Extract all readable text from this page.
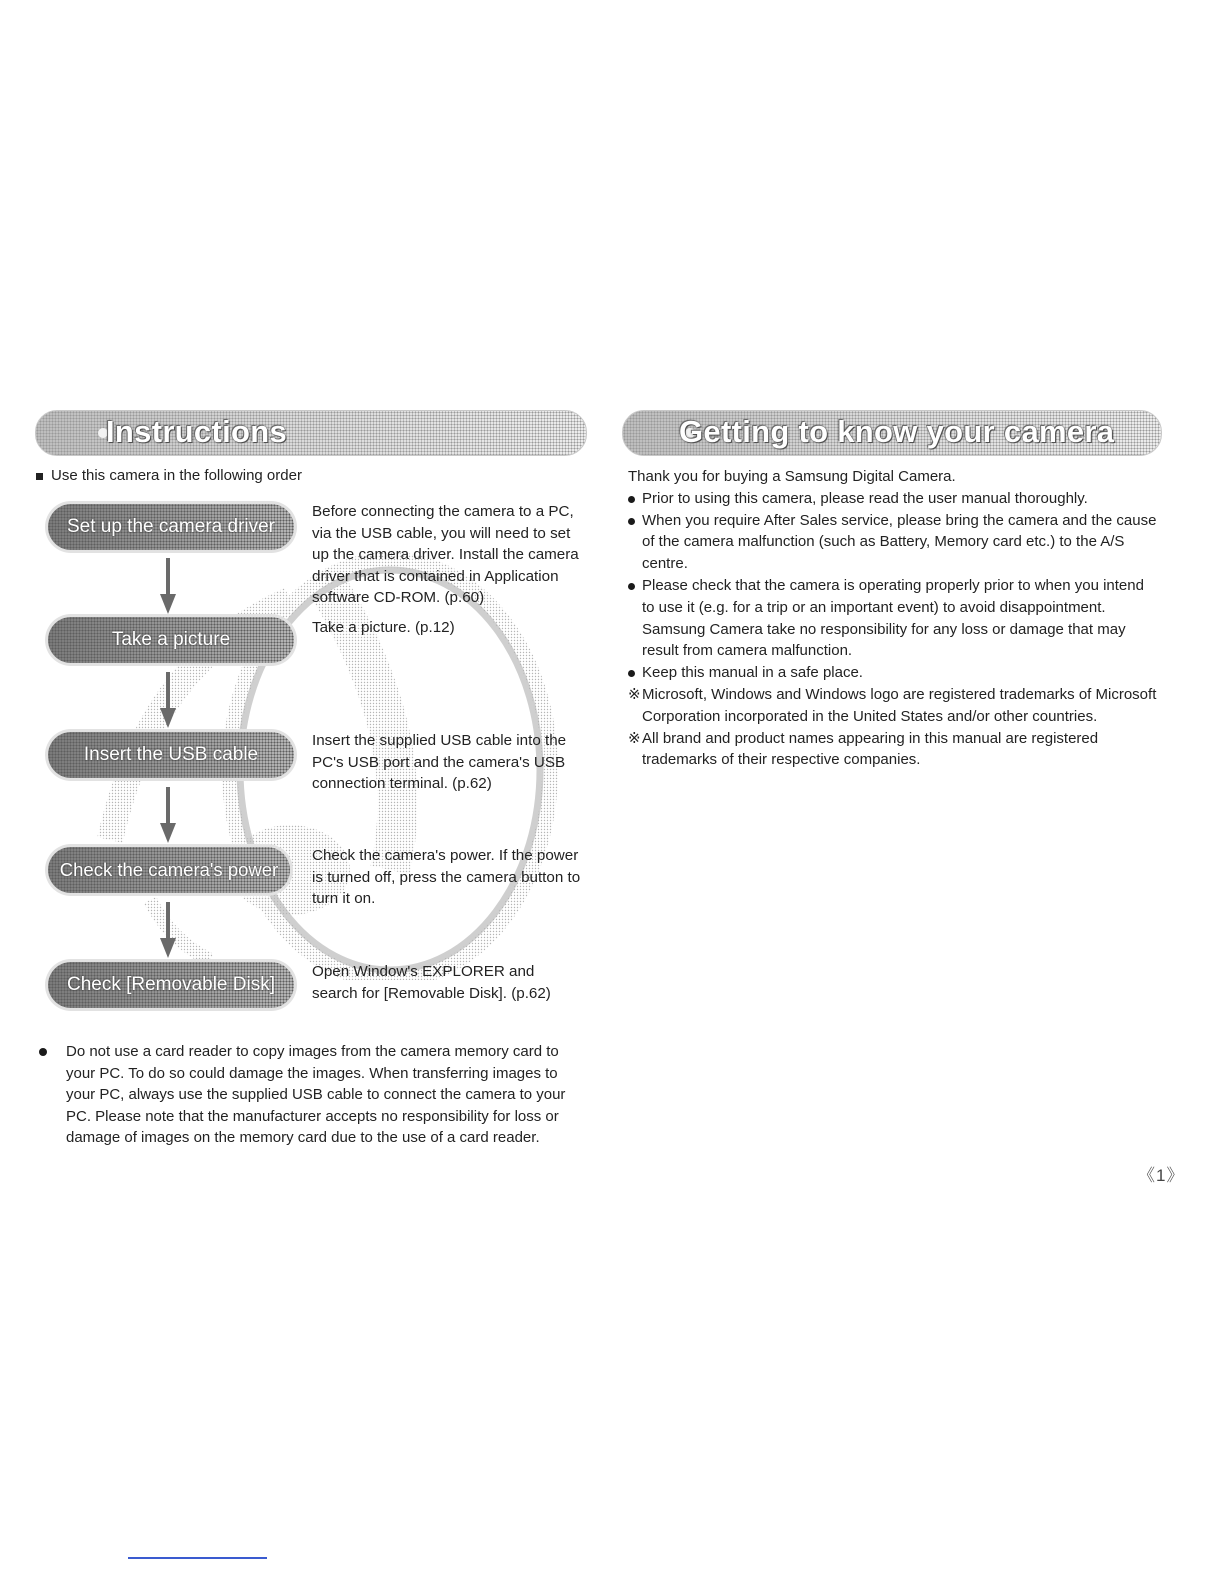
Instructions
Use this camera in the following order
Set up the camera driver
Take a picture
Insert the USB cable
Check the camera's power
Check [Removable Disk]
Before connecting the camera to a PC, via the USB cable, you will need to set up the camera driver. Install the camera driver that is contained in Application software CD-ROM. (p.60)
Take a picture. (p.12)
Insert the supplied USB cable into the PC's USB port and the camera's USB connection terminal. (p.62)
Check the camera's power. If the power is turned off, press the camera button to turn it on.
Open Window's EXPLORER and search for [Removable Disk]. (p.62)
Do not use a card reader to copy images from the camera memory card to your PC. To do so could damage the images. When transferring images to your PC, always use the supplied USB cable to connect the camera to your PC. Please note that the manufacturer accepts no responsibility for loss or damage of images on the memory card due to the use of a card reader.
Getting to know your camera
Thank you for buying a Samsung Digital Camera.
Prior to using this camera, please read the user manual thoroughly.
When you require After Sales service, please bring the camera and the cause of the camera malfunction (such as Battery, Memory card etc.) to the A/S centre.
Please check that the camera is operating properly prior to when you intend to use it (e.g. for a trip or an important event) to avoid disappointment. Samsung Camera take no responsibility for any loss or damage that may result from camera malfunction.
Keep this manual in a safe place.
※ Microsoft, Windows and Windows logo are registered trademarks of Microsoft Corporation incorporated in the United States and/or other countries.
※ All brand and product names appearing in this manual are registered trademarks of their respective companies.
《1》
